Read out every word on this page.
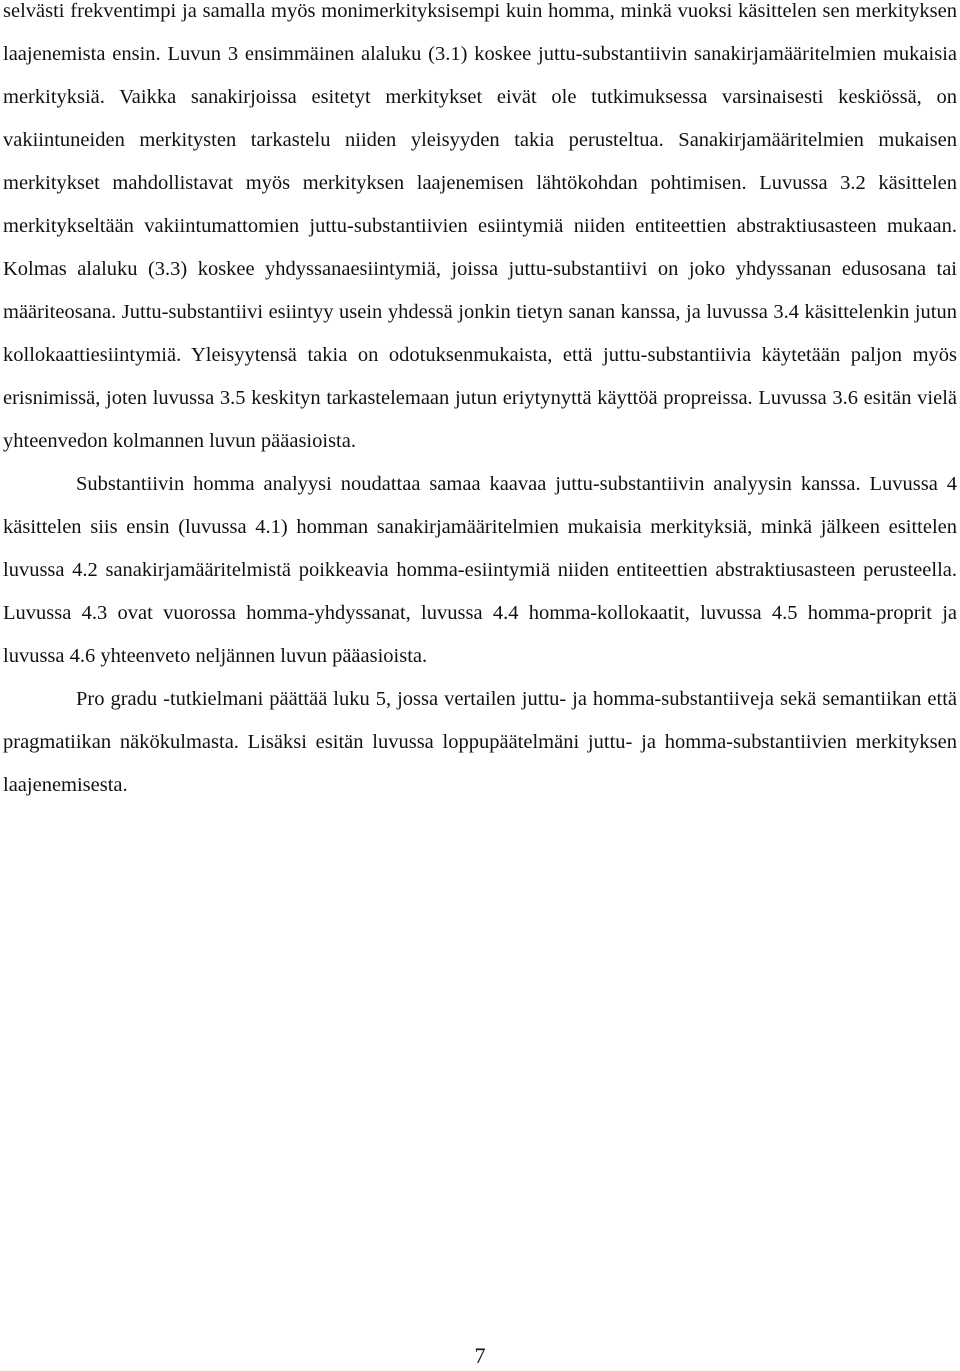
selvästi frekventimpi ja samalla myös monimerkityksisempi kuin homma, minkä vuoksi käsittelen sen merkityksen laajenemista ensin. Luvun 3 ensimmäinen alaluku (3.1) koskee juttu-substantiivin sanakirjamääritelmien mukaisia merkityksiä. Vaikka sanakirjoissa esitetyt merkitykset eivät ole tutkimuksessa varsinaisesti keskiössä, on vakiintuneiden merkitysten tarkastelu niiden yleisyyden takia perusteltua. Sanakirjamääritelmien mukaisen merkitykset mahdollistavat myös merkityksen laajenemisen lähtökohdan pohtimisen. Luvussa 3.2 käsittelen merkitykseltään vakiintumattomien juttu-substantiivien esiintymiä niiden entiteettien abstraktiusasteen mukaan. Kolmas alaluku (3.3) koskee yhdyssanaesiintymiä, joissa juttu-substantiivi on joko yhdyssanan edusosana tai määriteosana. Juttu-substantiivi esiintyy usein yhdessä jonkin tietyn sanan kanssa, ja luvussa 3.4 käsittelenkin jutun kollokaattiesiintymiä. Yleisyytensä takia on odotuksenmukaista, että juttu-substantiivia käytetään paljon myös erisnimissä, joten luvussa 3.5 keskityn tarkastelemaan jutun eriytynyttä käyttöä propreissa. Luvussa 3.6 esitän vielä yhteenvedon kolmannen luvun pääasioista.

Substantiivin homma analyysi noudattaa samaa kaavaa juttu-substantiivin analyysin kanssa. Luvussa 4 käsittelen siis ensin (luvussa 4.1) homman sanakirjamääritelmien mukaisia merkityksiä, minkä jälkeen esittelen luvussa 4.2 sanakirjamääritelmistä poikkeavia homma-esiintymiä niiden entiteettien abstraktiusasteen perusteella. Luvussa 4.3 ovat vuorossa homma-yhdyssanat, luvussa 4.4 homma-kollokaatit, luvussa 4.5 homma-proprit ja luvussa 4.6 yhteenveto neljännen luvun pääasioista.

Pro gradu -tutkielmani päättää luku 5, jossa vertailen juttu- ja homma-substantiiveja sekä semantiikan että pragmatiikan näkökulmasta. Lisäksi esitän luvussa loppupäätelmäni juttu- ja homma-substantiivien merkityksen laajenemisesta.

7
